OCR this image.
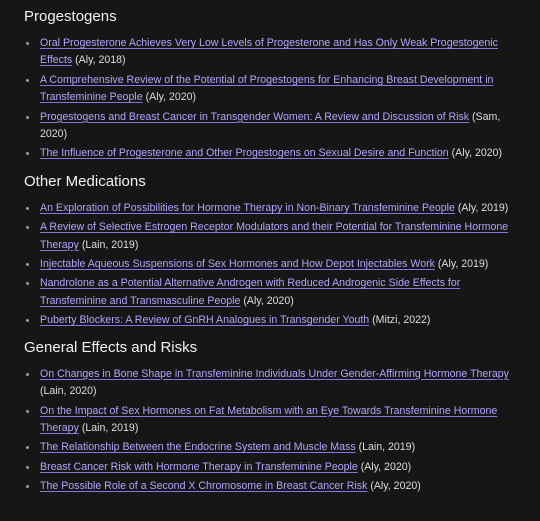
Progestogens
Oral Progesterone Achieves Very Low Levels of Progesterone and Has Only Weak Progestogenic Effects (Aly, 2018)
A Comprehensive Review of the Potential of Progestogens for Enhancing Breast Development in Transfeminine People (Aly, 2020)
Progestogens and Breast Cancer in Transgender Women: A Review and Discussion of Risk (Sam, 2020)
The Influence of Progesterone and Other Progestogens on Sexual Desire and Function (Aly, 2020)
Other Medications
An Exploration of Possibilities for Hormone Therapy in Non-Binary Transfeminine People (Aly, 2019)
A Review of Selective Estrogen Receptor Modulators and their Potential for Transfeminine Hormone Therapy (Lain, 2019)
Injectable Aqueous Suspensions of Sex Hormones and How Depot Injectables Work (Aly, 2019)
Nandrolone as a Potential Alternative Androgen with Reduced Androgenic Side Effects for Transfeminine and Transmasculine People (Aly, 2020)
Puberty Blockers: A Review of GnRH Analogues in Transgender Youth (Mitzi, 2022)
General Effects and Risks
On Changes in Bone Shape in Transfeminine Individuals Under Gender-Affirming Hormone Therapy (Lain, 2020)
On the Impact of Sex Hormones on Fat Metabolism with an Eye Towards Transfeminine Hormone Therapy (Lain, 2019)
The Relationship Between the Endocrine System and Muscle Mass (Lain, 2019)
Breast Cancer Risk with Hormone Therapy in Transfeminine People (Aly, 2020)
The Possible Role of a Second X Chromosome in Breast Cancer Risk (Aly, 2020)
